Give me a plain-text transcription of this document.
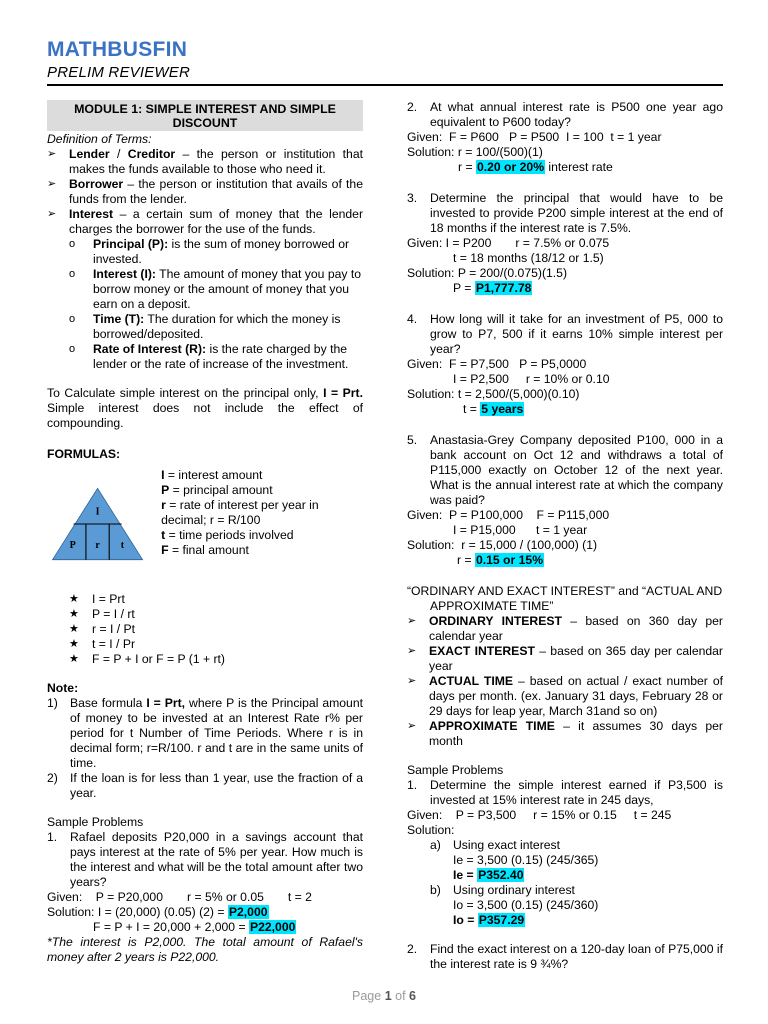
MATHBUSFIN
PRELIM REVIEWER
MODULE 1: SIMPLE INTEREST AND SIMPLE DISCOUNT
Definition of Terms:
➢ Lender / Creditor – the person or institution that makes the funds available to those who need it.
➢ Borrower – the person or institution that avails of the funds from the lender.
➢ Interest – a certain sum of money that the lender charges the borrower for the use of the funds.
o Principal (P): is the sum of money borrowed or invested.
o Interest (I): The amount of money that you pay to borrow money or the amount of money that you earn on a deposit.
o Time (T): The duration for which the money is borrowed/deposited.
o Rate of Interest (R): is the rate charged by the lender or the rate of increase of the investment.
To Calculate simple interest on the principal only, I = Prt. Simple interest does not include the effect of compounding.
FORMULAS:
I
P r t
I = interest amount
P = principal amount
r = rate of interest per year in decimal; r = R/100
t = time periods involved
F = final amount
★ I = Prt
★ P = I / rt
★ r = I / Pt
★ t = I / Pr
★ F = P + I or F = P (1 + rt)
Note:
1) Base formula I = Prt, where P is the Principal amount of money to be invested at an Interest Rate r% per period for t Number of Time Periods. Where r is in decimal form; r=R/100. r and t are in the same units of time.
2) If the loan is for less than 1 year, use the fraction of a year.
Sample Problems
1. Rafael deposits P20,000 in a savings account that pays interest at the rate of 5% per year. How much is the interest and what will be the total amount after two years?
Given: P = P20,000 r = 5% or 0.05 t = 2
Solution: I = (20,000) (0.05) (2) = P2,000
F = P + I = 20,000 + 2,000 = P22,000
*The interest is P2,000. The total amount of Rafael's money after 2 years is P22,000.
2. At what annual interest rate is P500 one year ago equivalent to P600 today?
Given:  F = P600   P = P500  I = 100  t = 1 year
Solution: r = 100/(500)(1)
r = 0.20 or 20% interest rate
3. Determine the principal that would have to be invested to provide P200 simple interest at the end of 18 months if the interest rate is 7.5%.
Given: I = P200 r = 7.5% or 0.075
t = 18 months (18/12 or 1.5)
Solution: P = 200/(0.075)(1.5)
P = P1,777.78
4. How long will it take for an investment of P5, 000 to grow to P7, 500 if it earns 10% simple interest per year?
Given:  F = P7,500   P = P5,0000
I = P2,500     r = 10% or 0.10
Solution: t = 2,500/(5,000)(0.10)
t = 5 years
5. Anastasia-Grey Company deposited P100, 000 in a bank account on Oct 12 and withdraws a total of P115,000 exactly on October 12 of the next year. What is the annual interest rate at which the company was paid?
Given:  P = P100,000    F = P115,000
I = P15,000      t = 1 year
Solution:  r = 15,000 / (100,000) (1)
r = 0.15 or 15%
“ORDINARY AND EXACT INTEREST” and “ACTUAL AND APPROXIMATE TIME”
➢ ORDINARY INTEREST – based on 360 day per calendar year
➢ EXACT INTEREST – based on 365 day per calendar year
➢ ACTUAL TIME – based on actual / exact number of days per month. (ex. January 31 days, February 28 or 29 days for leap year, March 31and so on)
➢ APPROXIMATE TIME – it assumes 30 days per month
Sample Problems
1. Determine the simple interest earned if P3,500 is invested at 15% interest rate in 245 days,
Given:    P = P3,500     r = 15% or 0.15     t = 245
Solution:
a) Using exact interest
Ie = 3,500 (0.15) (245/365)
Ie = P352.40
b) Using ordinary interest
Io = 3,500 (0.15) (245/360)
Io = P357.29
2. Find the exact interest on a 120-day loan of P75,000 if the interest rate is 9 ¾%?
Page 1 of 6
